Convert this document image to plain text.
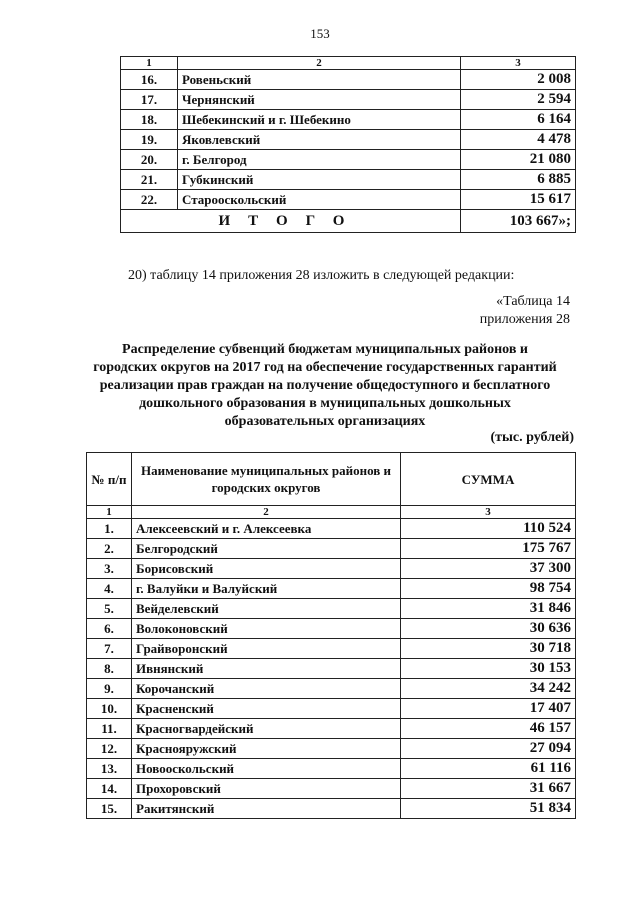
153
1	2	3
16.	Ровеньский	2 008
17.	Чернянский	2 594
18.	Шебекинский и г. Шебекино	6 164
19.	Яковлевский	4 478
20.	г. Белгород	21 080
21.	Губкинский	6 885
22.	Старооскольский	15 617
ИТОГО		103 667»;
20) таблицу 14 приложения 28 изложить в следующей редакции:
«Таблица 14
приложения 28
Распределение субвенций бюджетам муниципальных районов и городских округов на 2017 год на обеспечение государственных гарантий реализации прав граждан на получение общедоступного и бесплатного дошкольного образования в муниципальных дошкольных образовательных организациях
(тыс. рублей)
№ п/п	Наименование муниципальных районов и городских округов	СУММА
1	2	3
1.	Алексеевский и г. Алексеевка	110 524
2.	Белгородский	175 767
3.	Борисовский	37 300
4.	г. Валуйки и Валуйский	98 754
5.	Вейделевский	31 846
6.	Волоконовский	30 636
7.	Грайворонский	30 718
8.	Ивнянский	30 153
9.	Корочанский	34 242
10.	Красненский	17 407
11.	Красногвардейский	46 157
12.	Краснояружский	27 094
13.	Новооскольский	61 116
14.	Прохоровский	31 667
15.	Ракитянский	51 834
